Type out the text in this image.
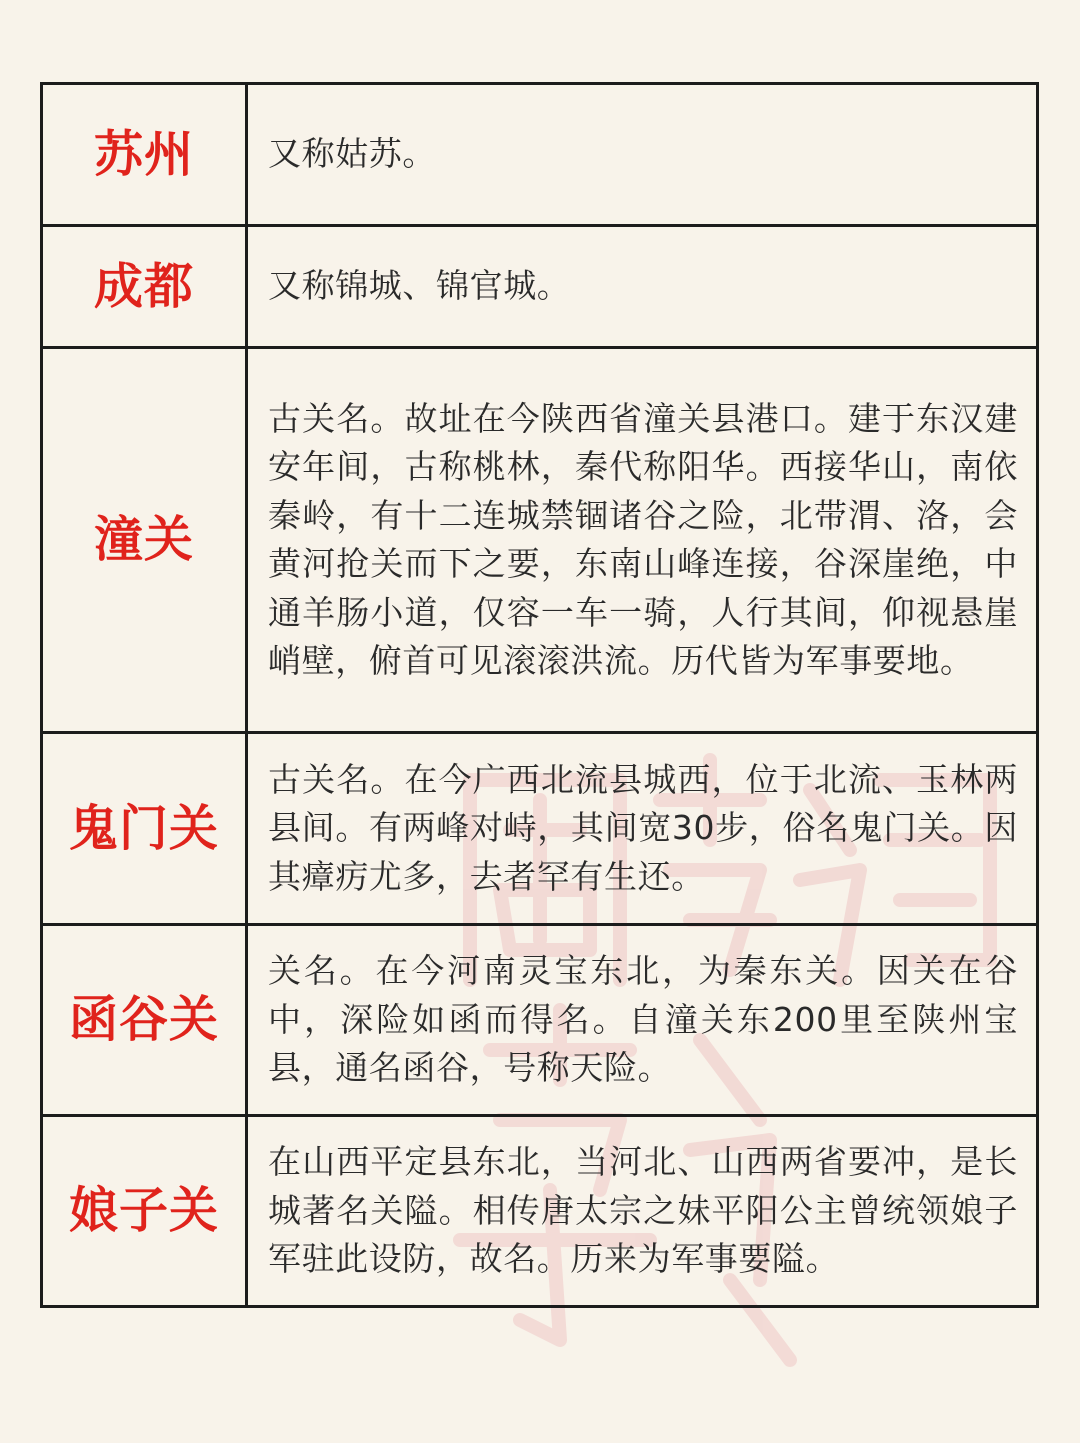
苏州	又称姑苏。
成都	又称锦城、锦官城。
潼关	古关名。故址在今陕西省潼关县港口。建于东汉建安年间，古称桃林，秦代称阳华。西接华山，南依秦岭，有十二连城禁锢诸谷之险，北带渭、洛，会黄河抢关而下之要，东南山峰连接，谷深崖绝，中通羊肠小道，仅容一车一骑，人行其间，仰视悬崖峭壁，俯首可见滚滚洪流。历代皆为军事要地。
鬼门关	古关名。在今广西北流县城西，位于北流、玉林两县间。有两峰对峙，其间宽30步，俗名鬼门关。因其瘴疠尤多，去者罕有生还。
函谷关	关名。在今河南灵宝东北，为秦东关。因关在谷中，深险如函而得名。自潼关东200里至陕州宝县，通名函谷，号称天险。
娘子关	在山西平定县东北，当河北、山西两省要冲，是长城著名关隘。相传唐太宗之妹平阳公主曾统领娘子军驻此设防，故名。历来为军事要隘。
